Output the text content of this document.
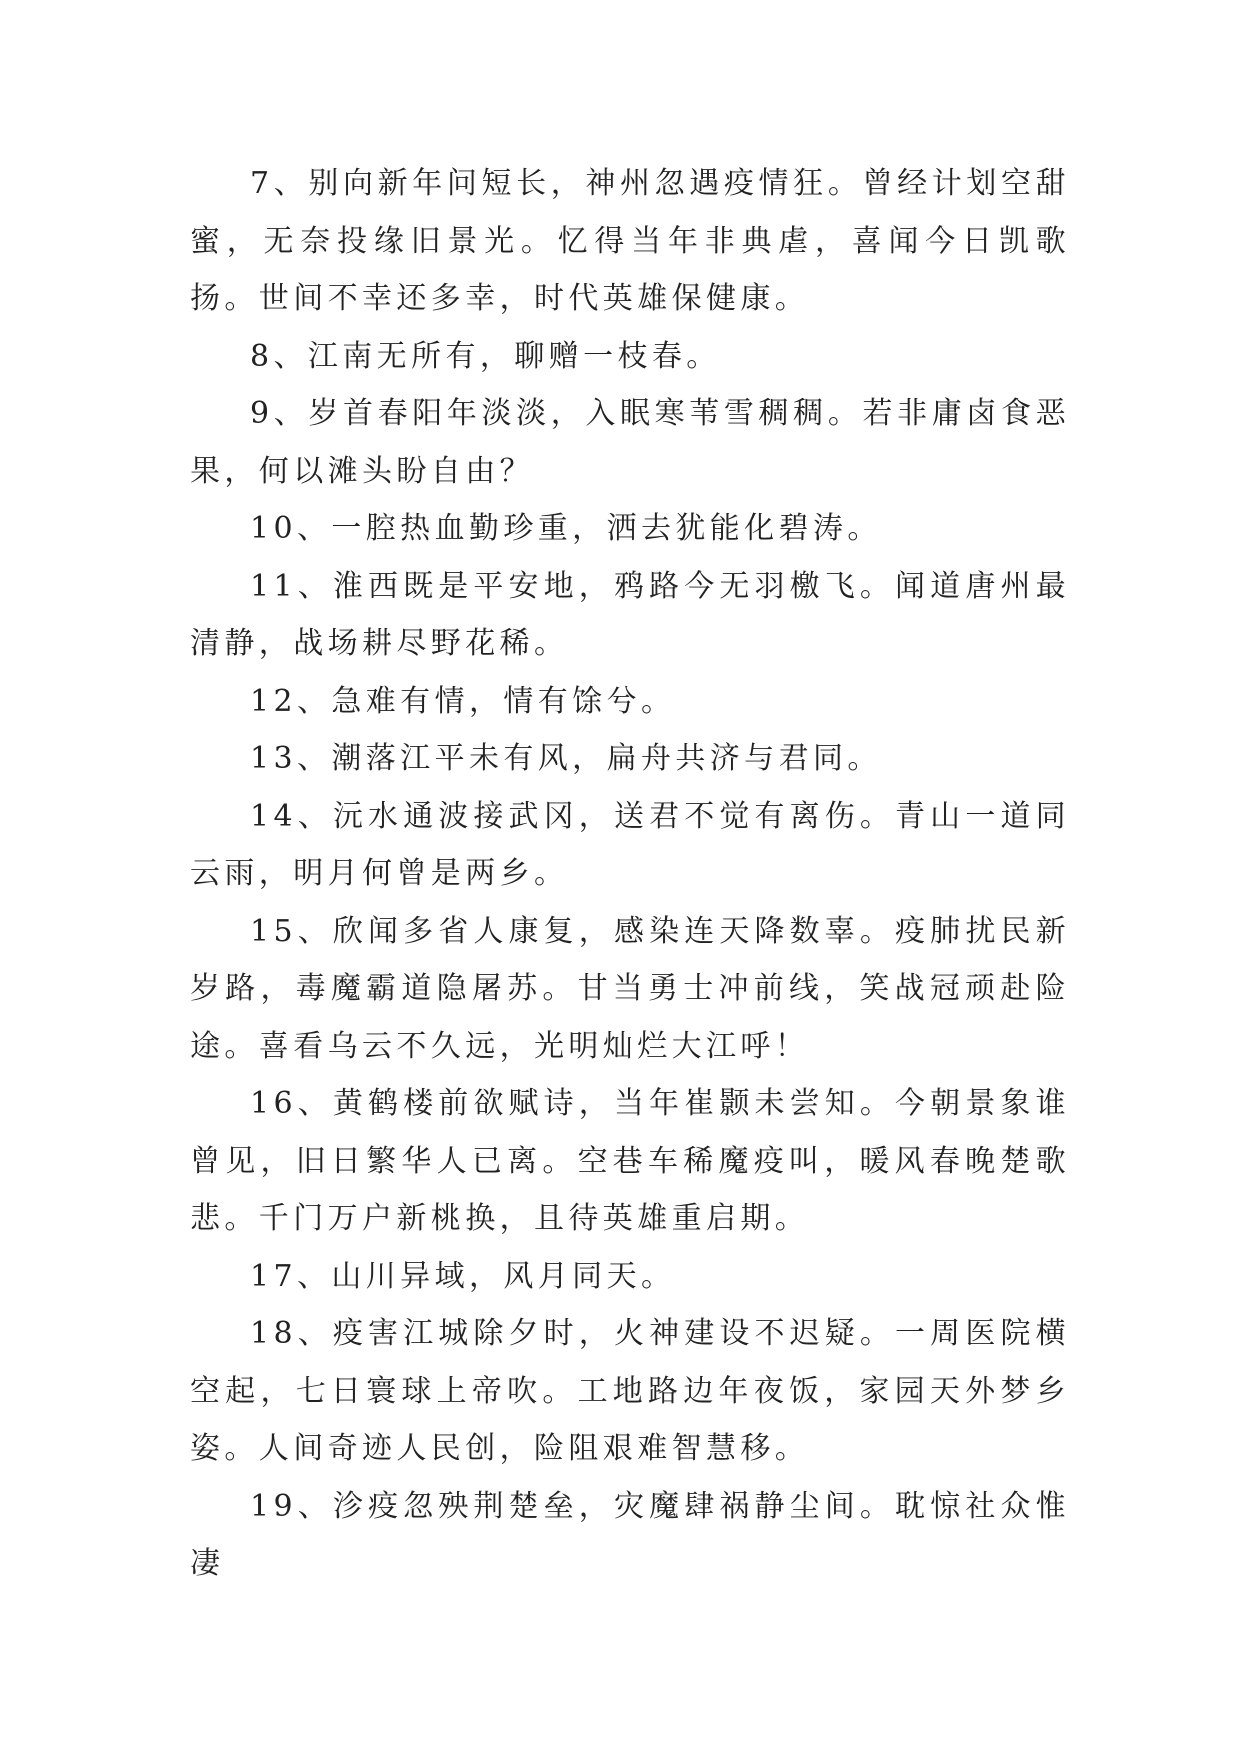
7、别向新年问短长，神州忽遇疫情狂。曾经计划空甜蜜，无奈投缘旧景光。忆得当年非典虐，喜闻今日凯歌扬。世间不幸还多幸，时代英雄保健康。

8、江南无所有，聊赠一枝春。

9、岁首春阳年淡淡，入眠寒苇雪稠稠。若非庸卤食恶果，何以滩头盼自由？

10、一腔热血勤珍重，洒去犹能化碧涛。

11、淮西既是平安地，鸦路今无羽檄飞。闻道唐州最清静，战场耕尽野花稀。

12、急难有情，情有馀兮。

13、潮落江平未有风，扁舟共济与君同。

14、沅水通波接武冈，送君不觉有离伤。青山一道同云雨，明月何曾是两乡。

15、欣闻多省人康复，感染连天降数辜。疫肺扰民新岁路，毒魔霸道隐屠苏。甘当勇士冲前线，笑战冠顽赴险途。喜看乌云不久远，光明灿烂大江呼！

16、黄鹤楼前欲赋诗，当年崔颢未尝知。今朝景象谁曾见，旧日繁华人已离。空巷车稀魔疫叫，暖风春晚楚歌悲。千门万户新桃换，且待英雄重启期。

17、山川异域，风月同天。

18、疫害江城除夕时，火神建设不迟疑。一周医院横空起，七日寰球上帝吹。工地路边年夜饭，家园天外梦乡姿。人间奇迹人民创，险阻艰难智慧移。

19、沴疫忽殃荆楚垒，灾魔肆祸静尘间。耽惊社众惟凄
